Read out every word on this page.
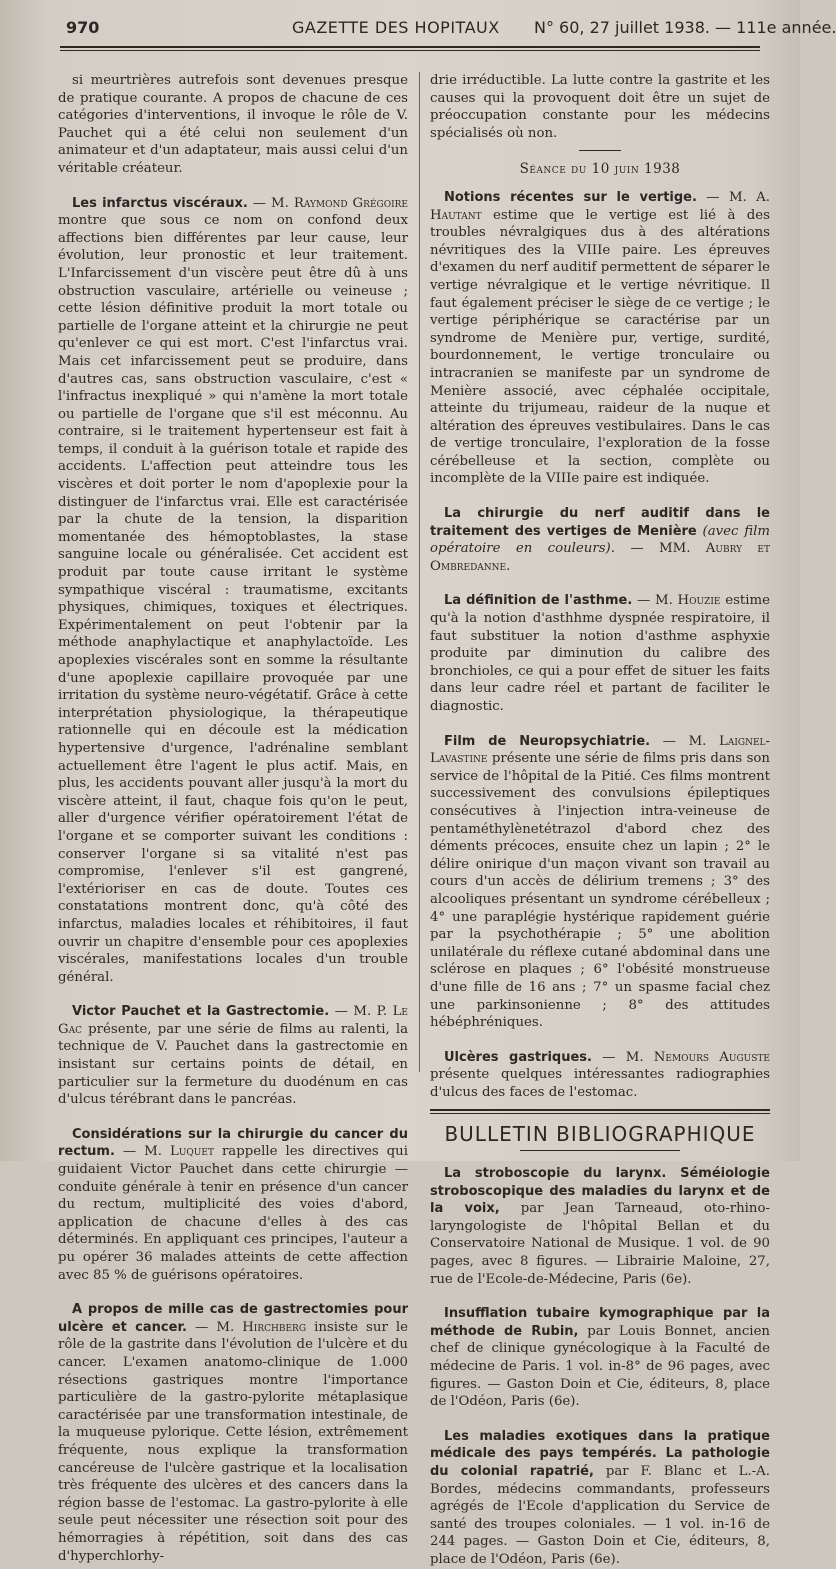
970	GAZETTE DES HOPITAUX N° 60, 27 juillet 1938. — 111e année.

si meurtrières autrefois sont devenues presque de pratique courante. A propos de chacune de ces catégories d'interventions, il invoque le rôle de V. Pauchet qui a été celui non seulement d'un animateur et d'un adaptateur, mais aussi celui d'un véritable créateur.

Les infarctus viscéraux. — M. Raymond Grégoire montre que sous ce nom on confond deux affections bien différentes par leur cause, leur évolution, leur pronostic et leur traitement. L'Infarcissement d'un viscère peut être dû à uns obstruction vasculaire, artérielle ou veineuse ; cette lésion définitive produit la mort totale ou partielle de l'organe atteint et la chirurgie ne peut qu'enlever ce qui est mort. C'est l'infarctus vrai. Mais cet infarcissement peut se produire, dans d'autres cas, sans obstruction vasculaire, c'est « l'infractus inexpliqué » qui n'amène la mort totale ou partielle de l'organe que s'il est méconnu. Au contraire, si le traitement hypertenseur est fait à temps, il conduit à la guérison totale et rapide des accidents. L'affection peut atteindre tous les viscères et doit porter le nom d'apoplexie pour la distinguer de l'infarctus vrai. Elle est caractérisée par la chute de la tension, la disparition momentanée des hémoptoblastes, la stase sanguine locale ou généralisée. Cet accident est produit par toute cause irritant le système sympathique viscéral : traumatisme, excitants physiques, chimiques, toxiques et électriques. Expérimentalement on peut l'obtenir par la méthode anaphylactique et anaphylactoïde. Les apoplexies viscérales sont en somme la résultante d'une apoplexie capillaire provoquée par une irritation du système neuro-végétatif. Grâce à cette interprétation physiologique, la thérapeutique rationnelle qui en découle est la médication hypertensive d'urgence, l'adrénaline semblant actuellement être l'agent le plus actif. Mais, en plus, les accidents pouvant aller jusqu'à la mort du viscère atteint, il faut, chaque fois qu'on le peut, aller d'urgence vérifier opératoirement l'état de l'organe et se comporter suivant les conditions : conserver l'organe si sa vitalité n'est pas compromise, l'enlever s'il est gangrené, l'extérioriser en cas de doute. Toutes ces constatations montrent donc, qu'à côté des infarctus, maladies locales et réhibitoires, il faut ouvrir un chapitre d'ensemble pour ces apoplexies viscérales, manifestations locales d'un trouble général.

Victor Pauchet et la Gastrectomie. — M. P. Le Gac présente, par une série de films au ralenti, la technique de V. Pauchet dans la gastrectomie en insistant sur certains points de détail, en particulier sur la fermeture du duodénum en cas d'ulcus térébrant dans le pancréas.

Considérations sur la chirurgie du cancer du rectum. — M. Luquet rappelle les directives qui guidaient Victor Pauchet dans cette chirurgie — conduite générale à tenir en présence d'un cancer du rectum, multiplicité des voies d'abord, application de chacune d'elles à des cas déterminés. En appliquant ces principes, l'auteur a pu opérer 36 malades atteints de cette affection avec 85 % de guérisons opératoires.

A propos de mille cas de gastrectomies pour ulcère et cancer. — M. Hirchberg insiste sur le rôle de la gastrite dans l'évolution de l'ulcère et du cancer. L'examen anatomo-clinique de 1.000 résections gastriques montre l'importance particulière de la gastro-pylorite métaplasique caractérisée par une transformation intestinale, de la muqueuse pylorique. Cette lésion, extrêmement fréquente, nous explique la transformation cancéreuse de l'ulcère gastrique et la localisation très fréquente des ulcères et des cancers dans la région basse de l'estomac. La gastro-pylorite à elle seule peut nécessiter une résection soit pour des hémorragies à répétition, soit dans des cas d'hyperchlorhy-

drie irréductible. La lutte contre la gastrite et les causes qui la provoquent doit être un sujet de préoccupation constante pour les médecins spécialisés où non.

Séance du 10 juin 1938

Notions récentes sur le vertige. — M. A. Hautant estime que le vertige est lié à des troubles névralgiques dus à des altérations névritiques des la VIIIe paire. Les épreuves d'examen du nerf auditif permettent de séparer le vertige névralgique et le vertige névritique. Il faut également préciser le siège de ce vertige ; le vertige périphérique se caractérise par un syndrome de Menière pur, vertige, surdité, bourdonnement, le vertige tronculaire ou intracranien se manifeste par un syndrome de Menière associé, avec céphalée occipitale, atteinte du trijumeau, raideur de la nuque et altération des épreuves vestibulaires. Dans le cas de vertige tronculaire, l'exploration de la fosse cérébelleuse et la section, complète ou incomplète de la VIIIe paire est indiquée.

La chirurgie du nerf auditif dans le traitement des vertiges de Menière (avec film opératoire en couleurs). — MM. Aubry et Ombredanne.

La définition de l'asthme. — M. Houzie estime qu'à la notion d'asthhme dyspnée respiratoire, il faut substituer la notion d'asthme asphyxie produite par diminution du calibre des bronchioles, ce qui a pour effet de situer les faits dans leur cadre réel et partant de faciliter le diagnostic.

Film de Neuropsychiatrie. — M. Laignel-Lavastine présente une série de films pris dans son service de l'hôpital de la Pitié. Ces films montrent successivement des convulsions épileptiques consécutives à l'injection intra-veineuse de pentaméthylènetétrazol d'abord chez des déments précoces, ensuite chez un lapin ; 2° le délire onirique d'un maçon vivant son travail au cours d'un accès de délirium tremens ; 3° des alcooliques présentant un syndrome cérébelleux ; 4° une paraplégie hystérique rapidement guérie par la psychothérapie ; 5° une abolition unilatérale du réflexe cutané abdominal dans une sclérose en plaques ; 6° l'obésité monstrueuse d'une fille de 16 ans ; 7° un spasme facial chez une parkinsonienne ; 8° des attitudes hébéphréniques.

Ulcères gastriques. — M. Nemours Auguste présente quelques intéressantes radiographies d'ulcus des faces de l'estomac.

BULLETIN BIBLIOGRAPHIQUE

La stroboscopie du larynx. Séméiologie stroboscopique des maladies du larynx et de la voix, par Jean Tarneaud, oto-rhino-laryngologiste de l'hôpital Bellan et du Conservatoire National de Musique. 1 vol. de 90 pages, avec 8 figures. — Librairie Maloine, 27, rue de l'Ecole-de-Médecine, Paris (6e).

Insufflation tubaire kymographique par la méthode de Rubin, par Louis Bonnet, ancien chef de clinique gynécologique à la Faculté de médecine de Paris. 1 vol. in-8° de 96 pages, avec figures. — Gaston Doin et Cie, éditeurs, 8, place de l'Odéon, Paris (6e).

Les maladies exotiques dans la pratique médicale des pays tempérés. La pathologie du colonial rapatrié, par F. Blanc et L.-A. Bordes, médecins commandants, professeurs agrégés de l'Ecole d'application du Service de santé des troupes coloniales. — 1 vol. in-16 de 244 pages. — Gaston Doin et Cie, éditeurs, 8, place de l'Odéon, Paris (6e).
